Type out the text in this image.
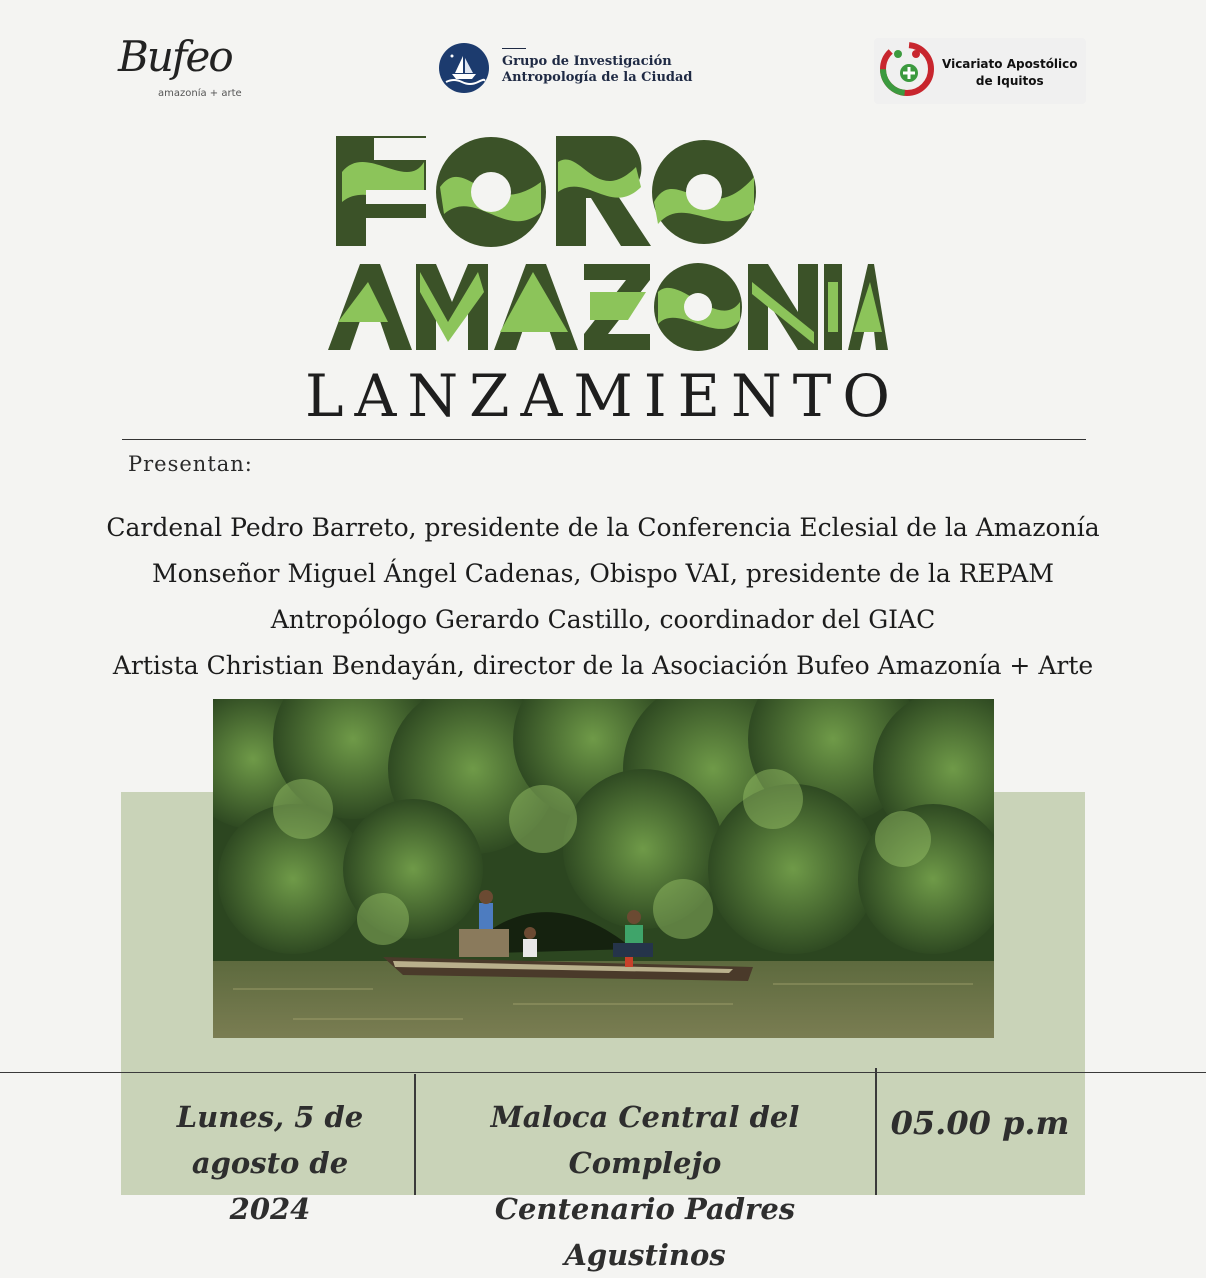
Bufeo
amazonía + arte
Grupo de Investigación
Antropología de la Ciudad
Vicariato Apostólico
de Iquitos
LANZAMIENTO
Presentan:
Cardenal Pedro Barreto, presidente de la Conferencia Eclesial de la Amazonía
Monseñor Miguel Ángel Cadenas, Obispo VAI, presidente de la REPAM
Antropólogo Gerardo Castillo, coordinador del GIAC
Artista Christian Bendayán, director de la Asociación Bufeo Amazonía + Arte
Lunes, 5 de
agosto de 2024
Maloca Central del Complejo
Centenario Padres Agustinos
05.00 p.m
